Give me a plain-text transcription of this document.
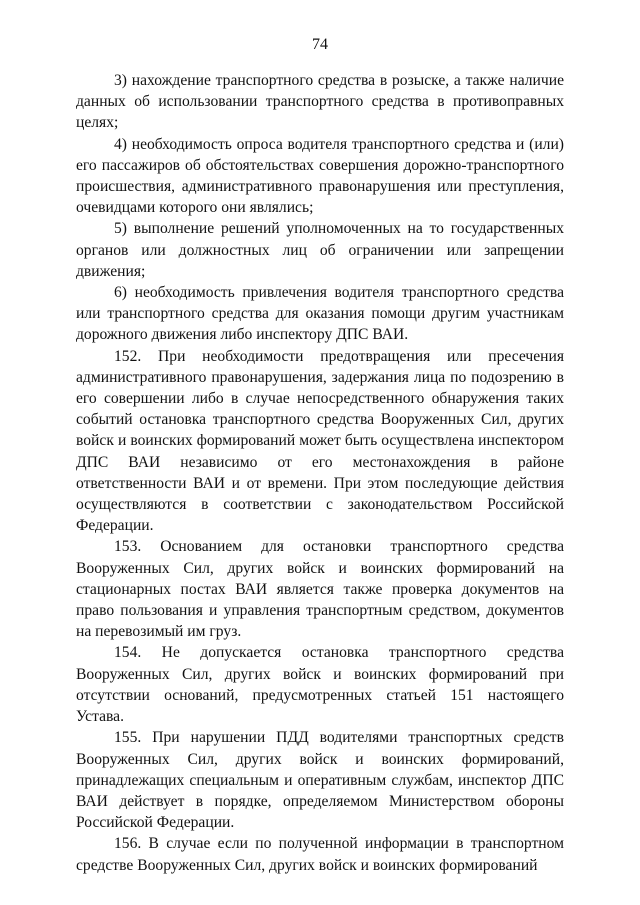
74

3) нахождение транспортного средства в розыске, а также наличие данных об использовании транспортного средства в противоправных целях;

4) необходимость опроса водителя транспортного средства и (или) его пассажиров об обстоятельствах совершения дорожно-транспортного происшествия, административного правонарушения или преступления, очевидцами которого они являлись;

5) выполнение решений уполномоченных на то государственных органов или должностных лиц об ограничении или запрещении движения;

6) необходимость привлечения водителя транспортного средства или транспортного средства для оказания помощи другим участникам дорожного движения либо инспектору ДПС ВАИ.

152. При необходимости предотвращения или пресечения административного правонарушения, задержания лица по подозрению в его совершении либо в случае непосредственного обнаружения таких событий остановка транспортного средства Вооруженных Сил, других войск и воинских формирований может быть осуществлена инспектором ДПС ВАИ независимо от его местонахождения в районе ответственности ВАИ и от времени. При этом последующие действия осуществляются в соответствии с законодательством Российской Федерации.

153. Основанием для остановки транспортного средства Вооруженных Сил, других войск и воинских формирований на стационарных постах ВАИ является также проверка документов на право пользования и управления транспортным средством, документов на перевозимый им груз.

154. Не допускается остановка транспортного средства Вооруженных Сил, других войск и воинских формирований при отсутствии оснований, предусмотренных статьей 151 настоящего Устава.

155. При нарушении ПДД водителями транспортных средств Вооруженных Сил, других войск и воинских формирований, принадлежащих специальным и оперативным службам, инспектор ДПС ВАИ действует в порядке, определяемом Министерством обороны Российской Федерации.

156. В случае если по полученной информации в транспортном средстве Вооруженных Сил, других войск и воинских формирований
